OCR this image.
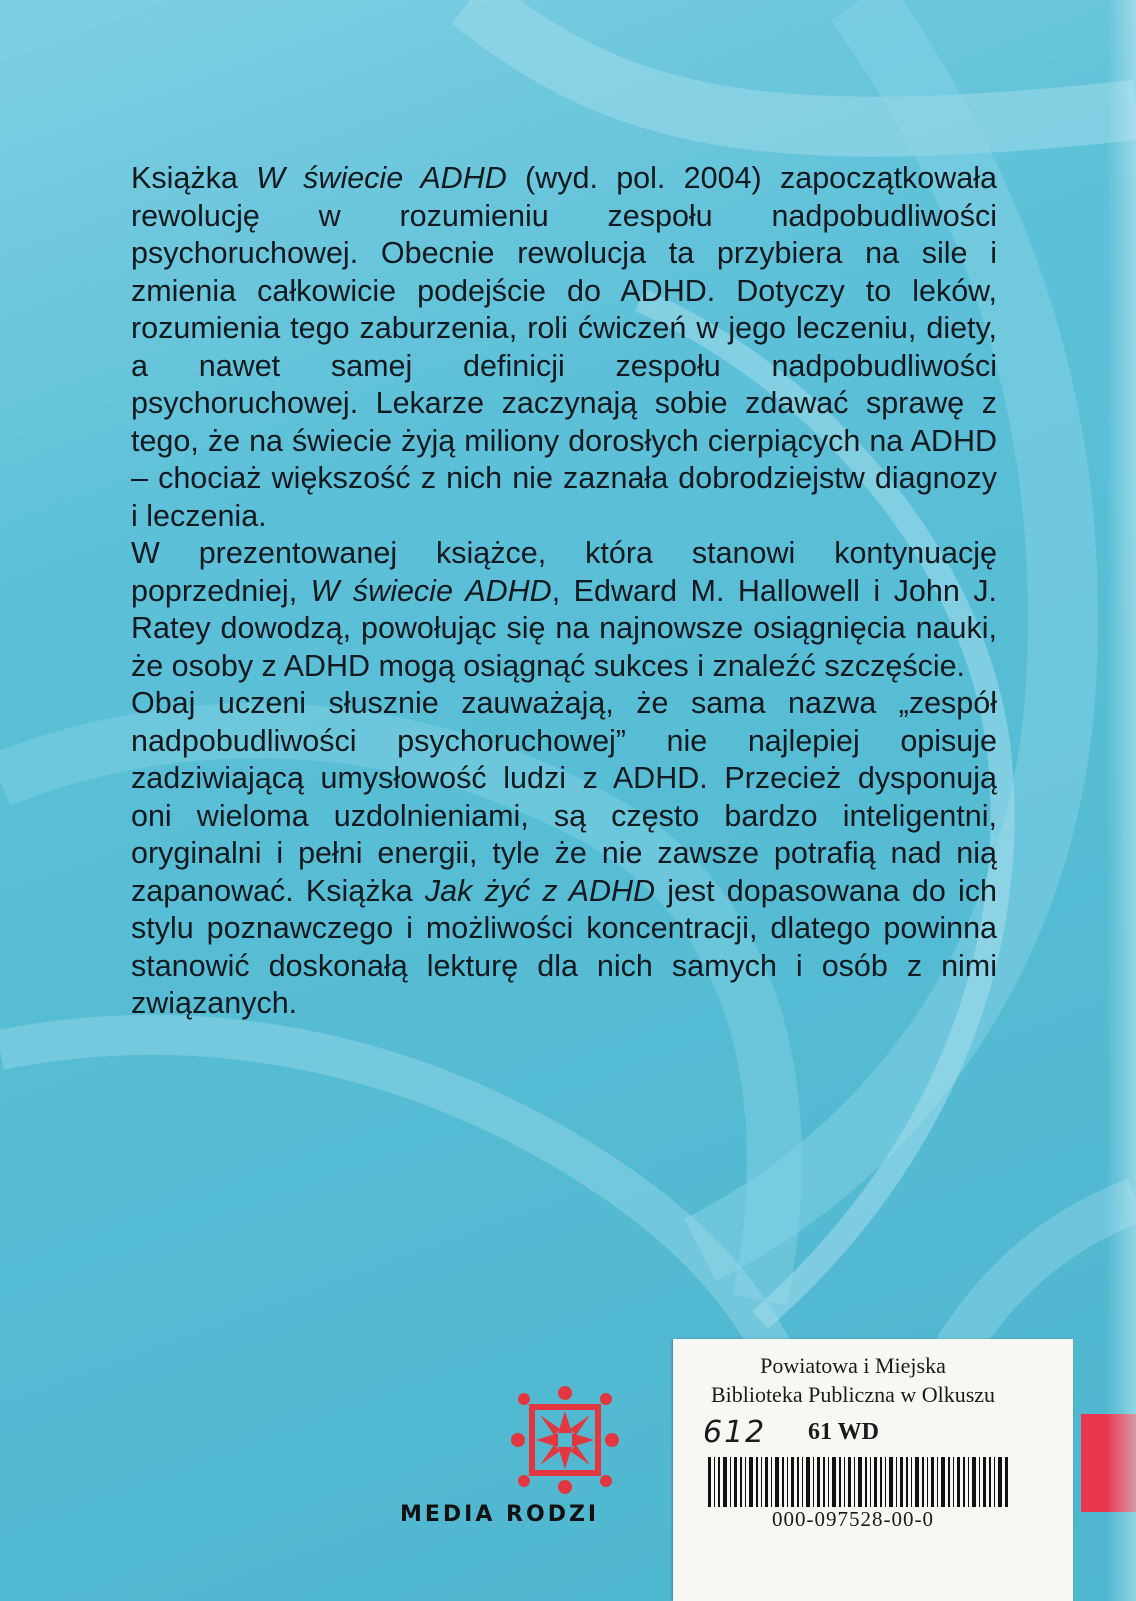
Książka W świecie ADHD (wyd. pol. 2004) zapoczątkowała rewolucję w rozumieniu zespołu nadpobudliwości psychoruchowej. Obecnie rewolucja ta przybiera na sile i zmienia całkowicie podejście do ADHD. Dotyczy to leków, rozumienia tego zaburzenia, roli ćwiczeń w jego leczeniu, diety, a nawet samej definicji zespołu nadpobudliwości psychoruchowej. Lekarze zaczynają sobie zdawać sprawę z tego, że na świecie żyją miliony dorosłych cierpiących na ADHD – chociaż większość z nich nie zaznała dobrodziejstw diagnozy i leczenia.

W prezentowanej książce, która stanowi kontynuację poprzedniej, W świecie ADHD, Edward M. Hallowell i John J. Ratey dowodzą, powołując się na najnowsze osiągnięcia nauki, że osoby z ADHD mogą osiągnąć sukces i znaleźć szczęście.

Obaj uczeni słusznie zauważają, że sama nazwa „zespół nadpobudliwości psychoruchowej” nie najlepiej opisuje zadziwiającą umysłowość ludzi z ADHD. Przecież dysponują oni wieloma uzdolnieniami, są często bardzo inteligentni, oryginalni i pełni energii, tyle że nie zawsze potrafią nad nią zapanować. Książka Jak żyć z ADHD jest dopasowana do ich stylu poznawczego i możliwości koncentracji, dlatego powinna stanowić doskonałą lekturę dla nich samych i osób z nimi związanych.

MEDIA RODZI
Powiatowa i Miejska
Biblioteka Publiczna w Olkuszu
612 61 WD
000-097528-00-0
